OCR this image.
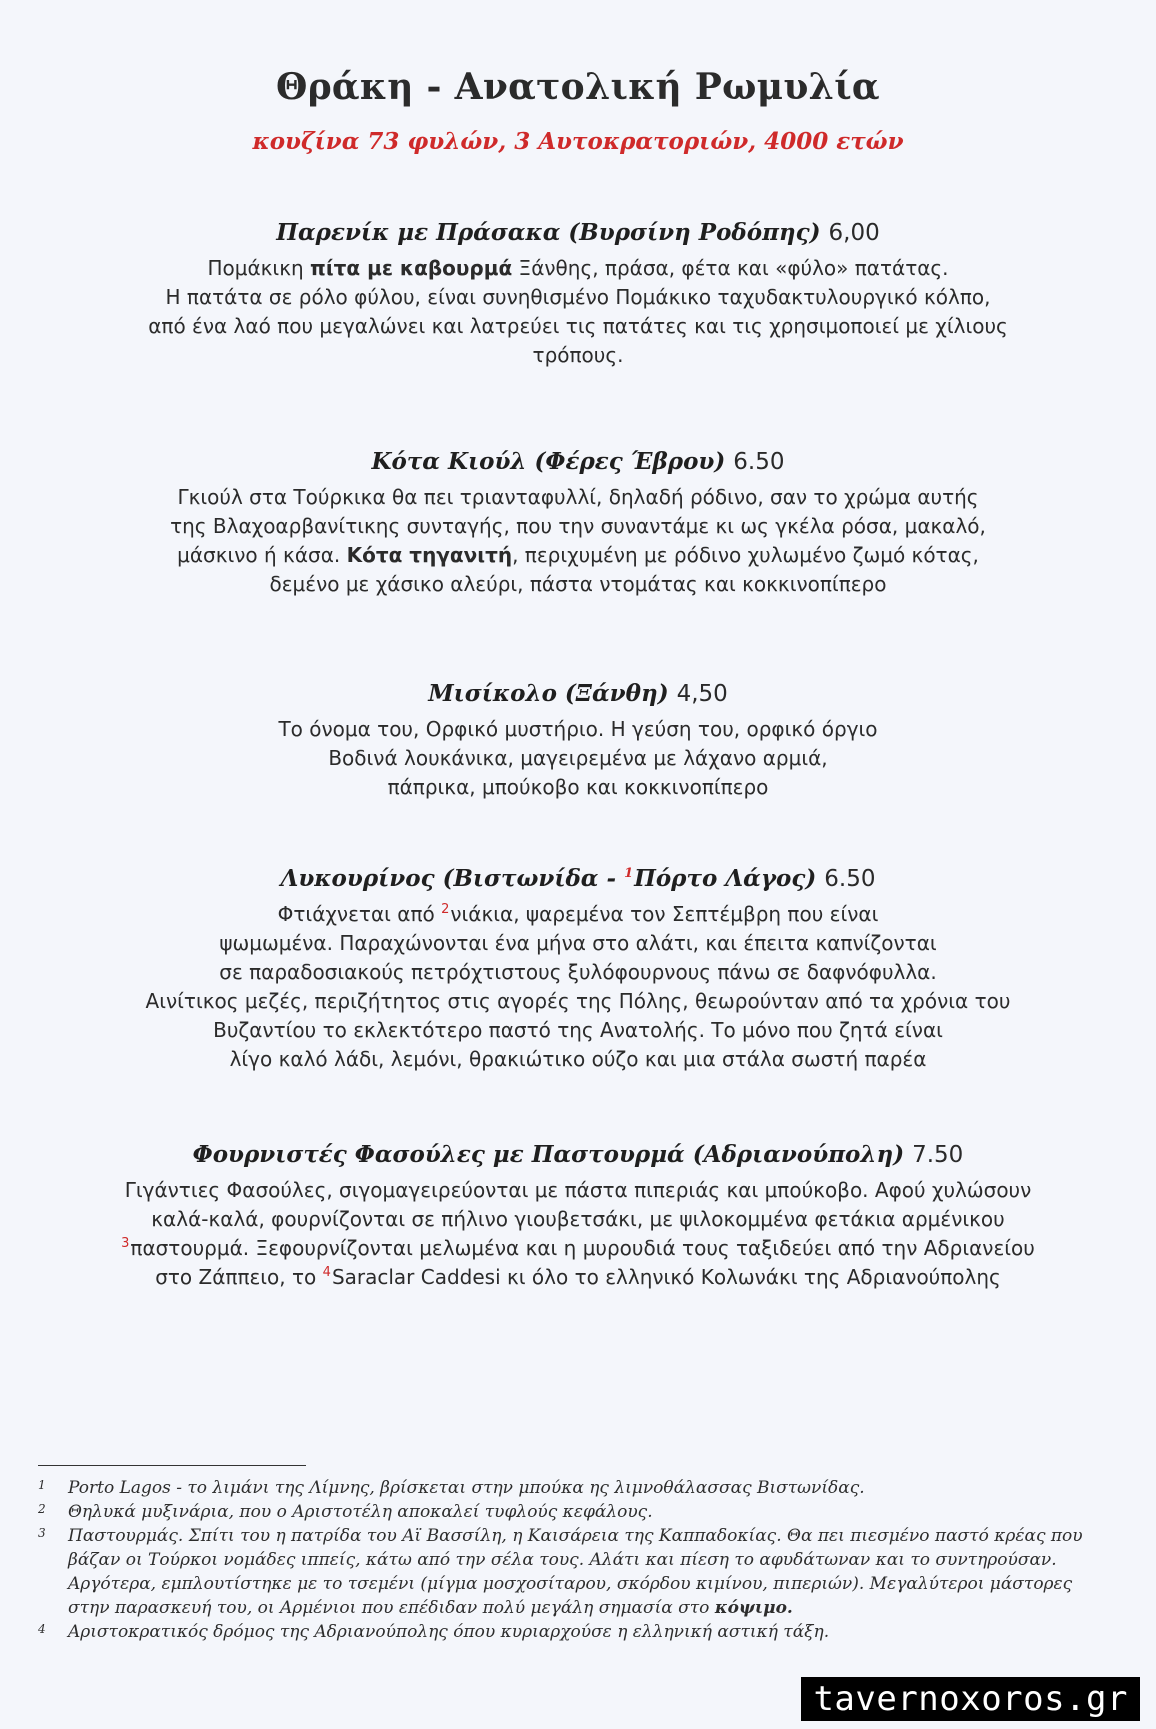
Θράκη - Ανατολική Ρωμυλία
κουζίνα 73 φυλών, 3 Αυτοκρατοριών, 4000 ετών
Παρενίκ με Πράσακα (Βυρσίνη Ροδόπης) 6,00
Πομάκικη πίτα με καβουρμά Ξάνθης, πράσα, φέτα και «φύλο» πατάτας.
Η πατάτα σε ρόλο φύλου, είναι συνηθισμένο Πομάκικο ταχυδακτυλουργικό κόλπο,
από ένα λαό που μεγαλώνει και λατρεύει τις πατάτες και τις χρησιμοποιεί με χίλιους
τρόπους.
Κότα Κιούλ (Φέρες Έβρου) 6.50
Γκιούλ στα Τούρκικα θα πει τριανταφυλλί, δηλαδή ρόδινο, σαν το χρώμα αυτής
της Βλαχοαρβανίτικης συνταγής, που την συναντάμε κι ως γκέλα ρόσα, μακαλό,
μάσκινο ή κάσα. Κότα τηγανιτή, περιχυμένη με ρόδινο χυλωμένο ζωμό κότας,
δεμένο με χάσικο αλεύρι, πάστα ντομάτας και κοκκινοπίπερο
Μισίκολο (Ξάνθη) 4,50
Το όνομα του, Ορφικό μυστήριο. Η γεύση του, ορφικό όργιο
Βοδινά λουκάνικα, μαγειρεμένα με λάχανο αρμιά,
πάπρικα, μπούκοβο και κοκκινοπίπερο
Λυκουρίνος (Βιστωνίδα - $^1$Πόρτο Λάγος) 6.50
Φτιάχνεται από $^2$νιάκια, ψαρεμένα τον Σεπτέμβρη που είναι
ψωμωμένα. Παραχώνονται ένα μήνα στο αλάτι, και έπειτα καπνίζονται
σε παραδοσιακούς πετρόχτιστους ξυλόφουρνους πάνω σε δαφνόφυλλα.
Αινίτικος μεζές, περιζήτητος στις αγορές της Πόλης, θεωρούνταν από τα χρόνια του
Βυζαντίου το εκλεκτότερο παστό της Ανατολής. Το μόνο που ζητά είναι
λίγο καλό λάδι, λεμόνι, θρακιώτικο ούζο και μια στάλα σωστή παρέα
Φουρνιστές Φασούλες με Παστουρμά (Αδριανούπολη) 7.50
Γιγάντιες Φασούλες, σιγομαγειρεύονται με πάστα πιπεριάς και μπούκοβο. Αφού χυλώσουν
καλά-καλά, φουρνίζονται σε πήλινο γιουβετσάκι, με ψιλοκομμένα φετάκια αρμένικου
$^3$παστουρμά. Ξεφουρνίζονται μελωμένα και η μυρουδιά τους ταξιδεύει από την Αδριανείου
στο Ζάππειο, το $^4$Saraclar Caddesi κι όλο το ελληνικό Κολωνάκι της Αδριανούπολης
1 Porto Lagos - το λιμάνι της Λίμνης, βρίσκεται στην μπούκα ης λιμνοθάλασσας Βιστωνίδας.
2 Θηλυκά μυξινάρια, που ο Αριστοτέλη αποκαλεί τυφλούς κεφάλους.
3 Παστουρμάς. Σπίτι του η πατρίδα του Αϊ Βασσίλη, η Καισάρεια της Καππαδοκίας. Θα πει πιεσμένο παστό κρέας που βάζαν οι Τούρκοι νομάδες ιππείς, κάτω από την σέλα τους. Αλάτι και πίεση το αφυδάτωναν και το συντηρούσαν. Αργότερα, εμπλουτίστηκε με το τσεμένι (μίγμα μοσχοσίταρου, σκόρδου κιμίνου, πιπεριών). Μεγαλύτεροι μάστορες στην παρασκευή του, οι Αρμένιοι που επέδιδαν πολύ μεγάλη σημασία στο κόψιμο.
4 Αριστοκρατικός δρόμος της Αδριανούπολης όπου κυριαρχούσε η ελληνική αστική τάξη.
tavernoxoros.gr
